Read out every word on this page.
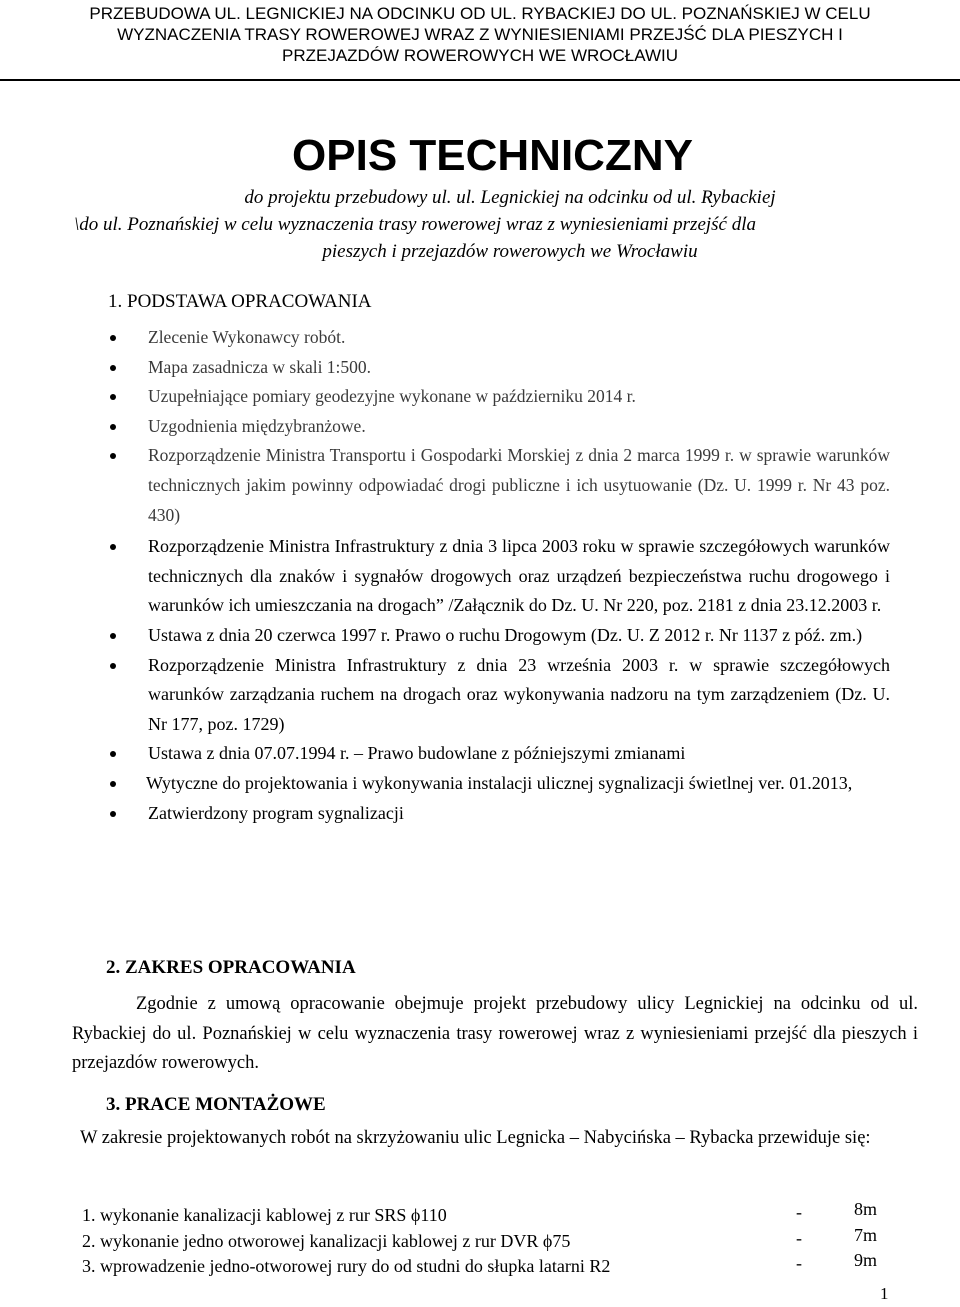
PRZEBUDOWA UL. LEGNICKIEJ NA ODCINKU OD UL. RYBACKIEJ DO UL. POZNAŃSKIEJ W CELU
WYZNACZENIA TRASY ROWEROWEJ WRAZ Z WYNIESIENIAMI PRZEJŚĆ DLA PIESZYCH I
PRZEJAZDÓW ROWEROWYCH WE WROCŁAWIU
OPIS TECHNICZNY
do projektu przebudowy ul. ul. Legnickiej na odcinku od ul. Rybackiej
\do ul. Poznańskiej w celu wyznaczenia trasy rowerowej wraz z wyniesieniami przejść dla
pieszych i przejazdów rowerowych we Wrocławiu
1. PODSTAWA OPRACOWANIA
Zlecenie Wykonawcy robót.
Mapa zasadnicza w skali 1:500.
Uzupełniające pomiary geodezyjne wykonane w październiku 2014 r.
Uzgodnienia międzybranżowe.
Rozporządzenie Ministra Transportu i Gospodarki Morskiej z dnia 2 marca 1999 r. w sprawie warunków technicznych jakim powinny odpowiadać drogi publiczne i ich usytuowanie (Dz. U. 1999 r. Nr 43 poz. 430)
Rozporządzenie Ministra Infrastruktury z dnia 3 lipca 2003 roku w sprawie szczegółowych warunków technicznych dla znaków i sygnałów drogowych oraz urządzeń bezpieczeństwa ruchu drogowego i warunków ich umieszczania na drogach” /Załącznik do Dz. U. Nr 220, poz. 2181 z dnia 23.12.2003 r.
Ustawa z dnia 20 czerwca 1997 r. Prawo o ruchu Drogowym (Dz. U. Z 2012 r. Nr 1137 z póź. zm.)
Rozporządzenie Ministra Infrastruktury z dnia 23 września 2003 r. w sprawie szczegółowych warunków zarządzania ruchem na drogach oraz wykonywania nadzoru na tym zarządzeniem (Dz. U. Nr 177, poz. 1729)
Ustawa z dnia 07.07.1994 r. – Prawo budowlane z późniejszymi zmianami
Wytyczne do projektowania i wykonywania instalacji ulicznej sygnalizacji świetlnej ver. 01.2013,
Zatwierdzony program sygnalizacji
2. ZAKRES OPRACOWANIA
Zgodnie z umową opracowanie obejmuje projekt przebudowy ulicy Legnickiej na odcinku od ul. Rybackiej do ul. Poznańskiej w celu wyznaczenia trasy rowerowej wraz z wyniesieniami przejść dla pieszych i przejazdów rowerowych.
3. PRACE MONTAŻOWE
W zakresie projektowanych robót na skrzyżowaniu ulic Legnicka – Nabycińska – Rybacka przewiduje się:
1. wykonanie kanalizacji kablowej z rur SRS ϕ110	-	8m
2. wykonanie jedno otworowej kanalizacji kablowej z rur DVR ϕ75	-	7m
3. wprowadzenie jedno-otworowej rury do od studni do słupka latarni R2	-	9m
1
